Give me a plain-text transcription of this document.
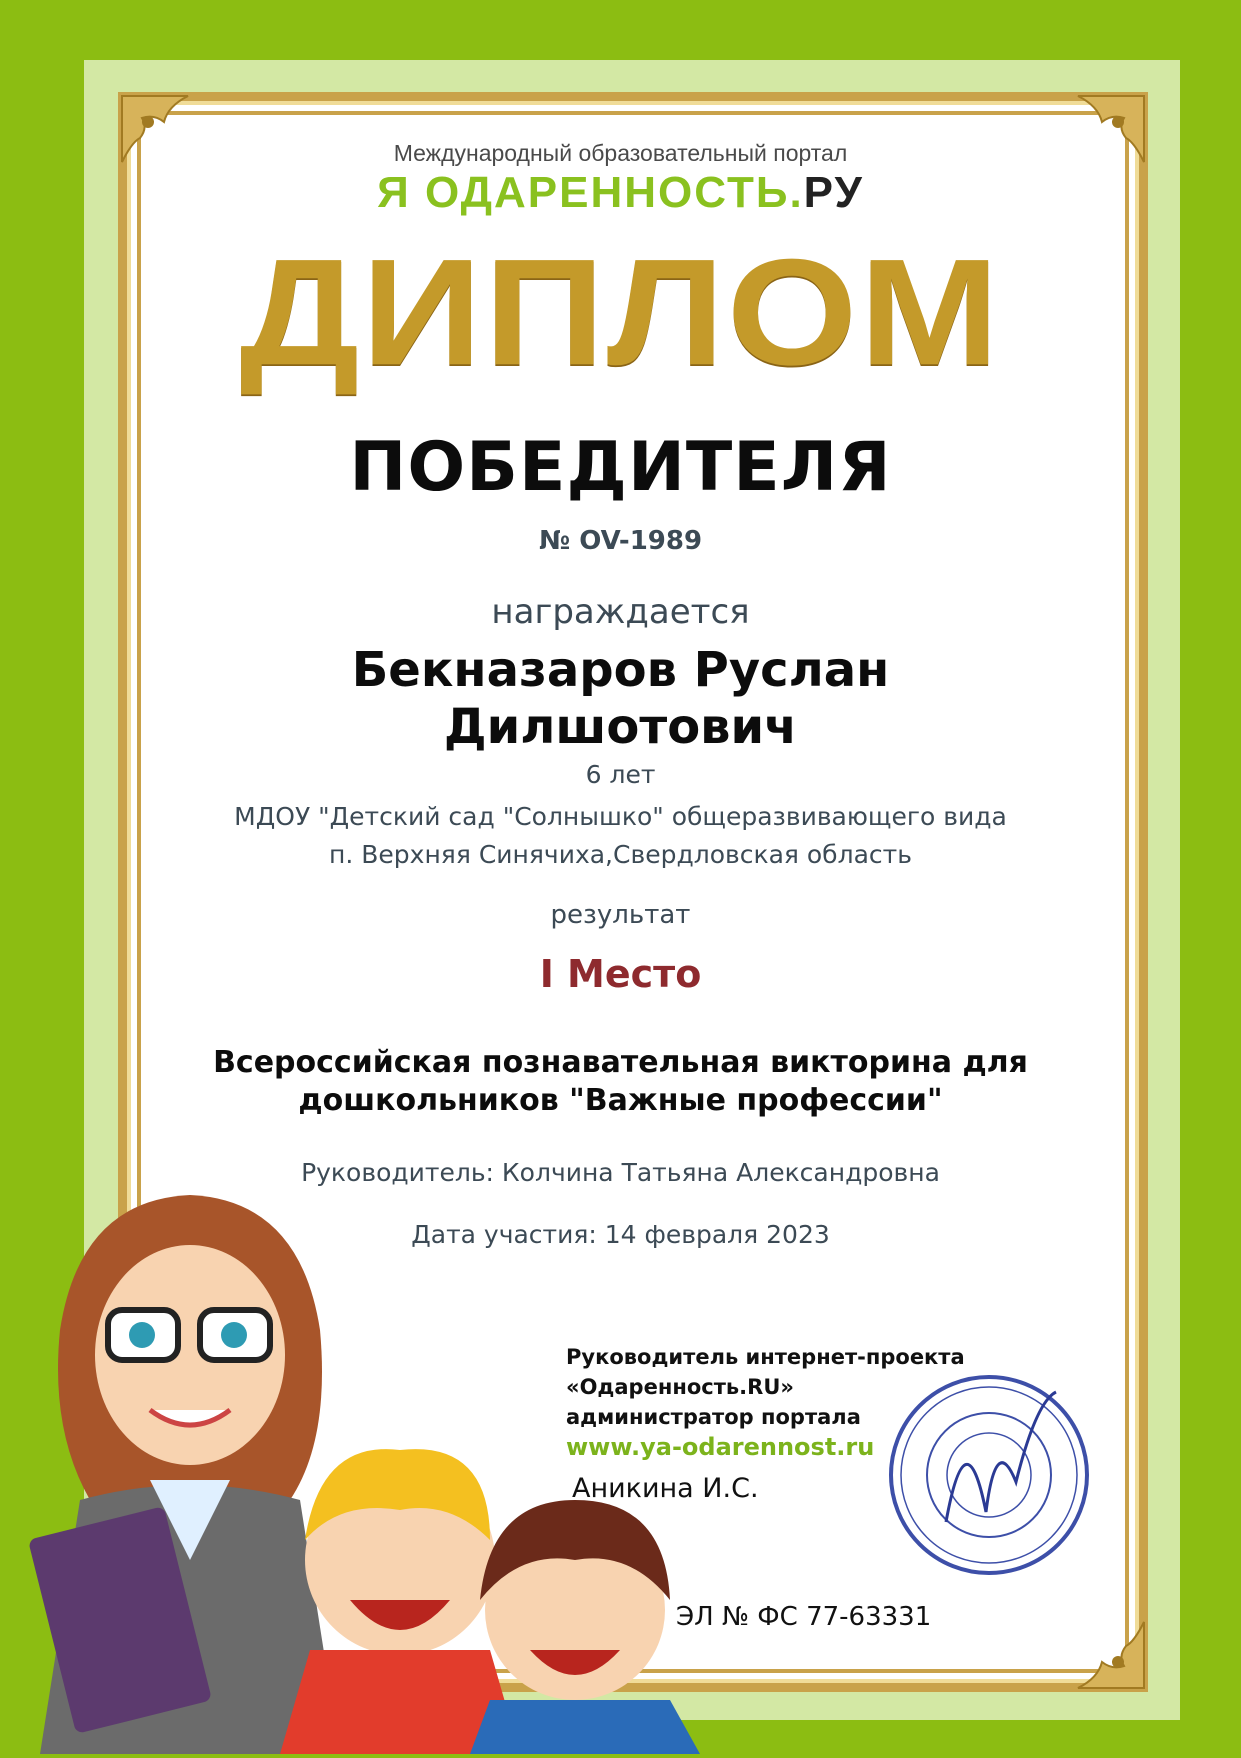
Международный образовательный портал
Я ОДАРЕННОСТЬ.РУ
ДИПЛОМ
ПОБЕДИТЕЛЯ
№ OV-1989
награждается
Бекназаров Руслан
Дилшотович
6 лет
МДОУ "Детский сад "Солнышко" общеразвивающего вида
п. Верхняя Синячиха,Свердловская область
результат
I Место
Всероссийская познавательная викторина для
дошкольников "Важные профессии"
Руководитель: Колчина Татьяна Александровна
Дата участия: 14 февраля 2023
Руководитель интернет-проекта
«Одаренность.RU»
администратор портала
www.ya-odarennost.ru
Аникина И.С.
ЭЛ № ФС 77-63331
